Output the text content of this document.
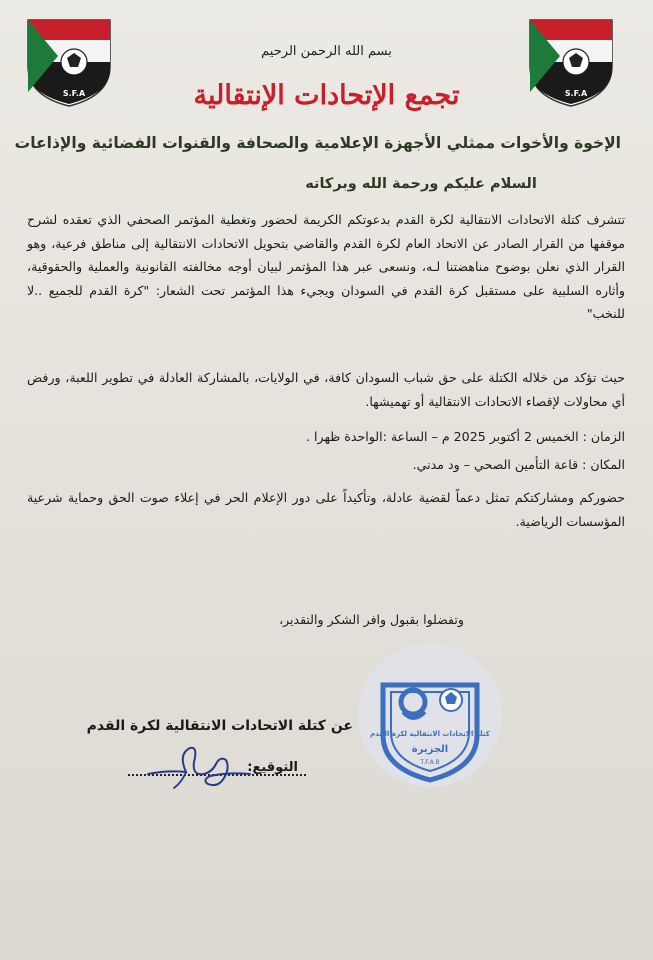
S.F.A	S.F.A
بسم الله الرحمن الرحيم
تجمع الإتحادات الإنتقالية
الإخوة والأخوات ممثلي الأجهزة الإعلامية والصحافة والقنوات الفضائية والإذاعات
السلام عليكم ورحمة الله وبركاته
تتشرف كتلة الاتحادات الانتقالية لكرة القدم بدعوتكم الكريمة لحضور وتغطية المؤتمر الصحفي الذي تعقده لشرح موقفها من القرار الصادر عن الاتحاد العام لكرة القدم والقاضي بتحويل الاتحادات الانتقالية إلى مناطق فرعية، وهو القرار الذي نعلن بوضوح مناهضتنا لـه، ونسعى عبر هذا المؤتمر لبيان أوجه مخالفته القانونية والعملية والحقوقية، وأثاره السلبية على مستقبل كرة القدم في السودان ويجيء هذا المؤتمر تحت الشعار: "كرة القدم للجميع ..لا للنخب"
حيث تؤكد من خلاله الكتلة على حق شباب السودان كافة، في الولايات، بالمشاركة العادلة في تطوير اللعبة، ورفض أي محاولات لإقصاء الاتحادات الانتقالية أو تهميشها.
الزمان : الخميس 2 أكتوبر 2025 م – الساعة :الواحدة ظهرا .
المكان : قاعة التأمين الصحي – ود مدني.
حضوركم ومشاركتكم تمثل دعماً لقضية عادلة، وتأكيداً على دور الإعلام الحر في إعلاء صوت الحق وحماية شرعية المؤسسات الرياضية.
وتفضلوا بقبول وافر الشكر والتقدير،
عن كتلة الاتحادات الانتقالية لكرة القدم
التوقيع:
كتلة الاتحادات الانتقالية لكرة القدم
الجزيرة
T.F.A.B
